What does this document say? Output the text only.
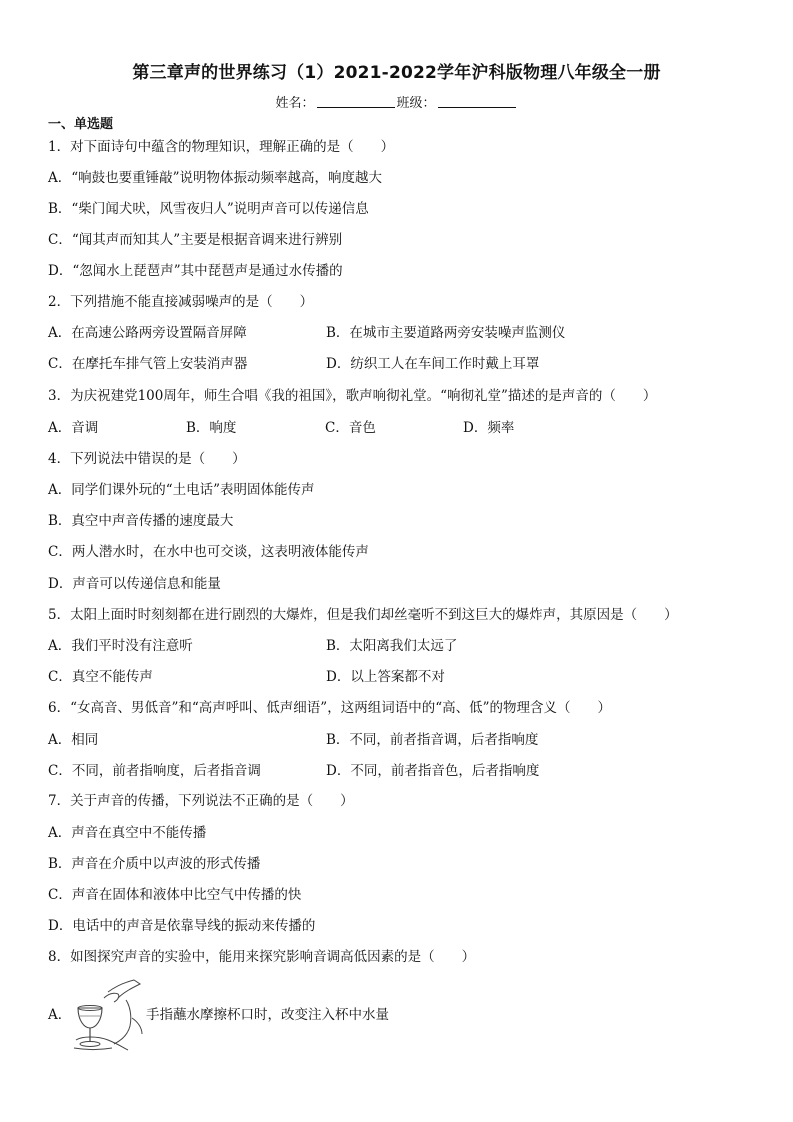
第三章声的世界练习（1）2021-2022学年沪科版物理八年级全一册
姓名：	班级：
一、单选题
1．对下面诗句中蕴含的物理知识，理解正确的是（　　）
A．“响鼓也要重锤敲”说明物体振动频率越高，响度越大
B．“柴门闻犬吠，风雪夜归人”说明声音可以传递信息
C．“闻其声而知其人”主要是根据音调来进行辨别
D．“忽闻水上琵琶声”其中琵琶声是通过水传播的
2．下列措施不能直接减弱噪声的是（　　）
A．在高速公路两旁设置隔音屏障	B．在城市主要道路两旁安装噪声监测仪
C．在摩托车排气管上安装消声器	D．纺织工人在车间工作时戴上耳罩
3．为庆祝建党100周年，师生合唱《我的祖国》，歌声响彻礼堂。“响彻礼堂”描述的是声音的（　　）
A．音调	B．响度	C．音色	D．频率
4．下列说法中错误的是（　　）
A．同学们课外玩的“土电话”表明固体能传声
B．真空中声音传播的速度最大
C．两人潜水时，在水中也可交谈，这表明液体能传声
D．声音可以传递信息和能量
5．太阳上面时时刻刻都在进行剧烈的大爆炸，但是我们却丝毫听不到这巨大的爆炸声，其原因是（　　）
A．我们平时没有注意听	B．太阳离我们太远了
C．真空不能传声	D．以上答案都不对
6．“女高音、男低音”和“高声呼叫、低声细语”，这两组词语中的“高、低”的物理含义（　　）
A．相同	B．不同，前者指音调，后者指响度
C．不同，前者指响度，后者指音调	D．不同，前者指音色，后者指响度
7．关于声音的传播，下列说法不正确的是（　　）
A．声音在真空中不能传播
B．声音在介质中以声波的形式传播
C．声音在固体和液体中比空气中传播的快
D．电话中的声音是依靠导线的振动来传播的
8．如图探究声音的实验中，能用来探究影响音调高低因素的是（　　）
A．	手指蘸水摩擦杯口时，改变注入杯中水量
